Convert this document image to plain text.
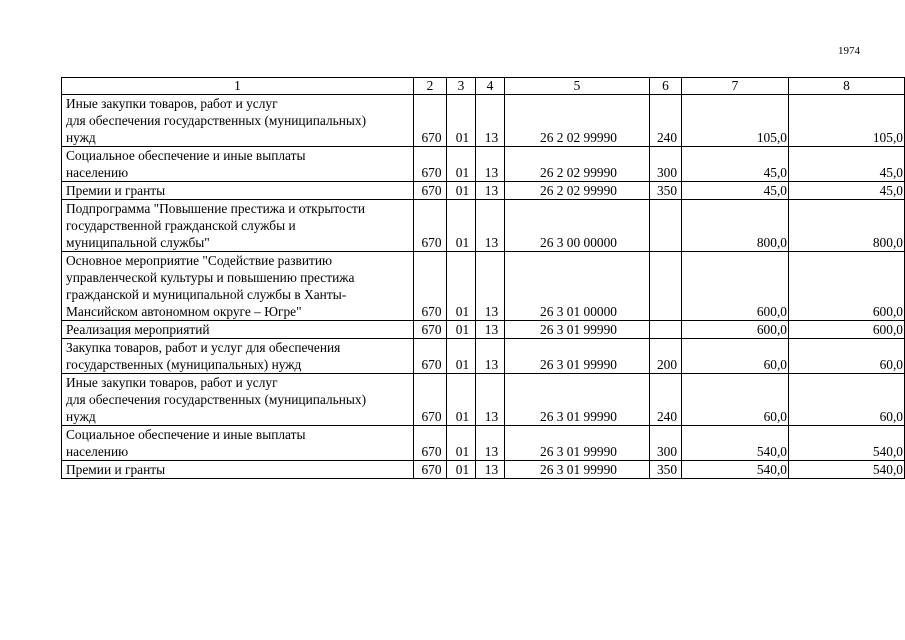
1974
1	2	3	4	5	6	7	8

Иные закупки товаров, работ и услуг
для обеспечения государственных (муниципальных)
нужд	670	01	13	26 2 02 99990	240	105,0	105,0

Социальное обеспечение и иные выплаты
населению	670	01	13	26 2 02 99990	300	45,0	45,0

Премии и гранты	670	01	13	26 2 02 99990	350	45,0	45,0

Подпрограмма "Повышение престижа и открытости
государственной гражданской службы и
муниципальной службы"	670	01	13	26 3 00 00000		800,0	800,0

Основное мероприятие "Содействие развитию
управленческой культуры и повышению престижа
гражданской и муниципальной службы в Ханты-
Мансийском автономном округе – Югре"	670	01	13	26 3 01 00000		600,0	600,0

Реализация мероприятий	670	01	13	26 3 01 99990		600,0	600,0

Закупка товаров, работ и услуг для обеспечения
государственных (муниципальных) нужд	670	01	13	26 3 01 99990	200	60,0	60,0

Иные закупки товаров, работ и услуг
для обеспечения государственных (муниципальных)
нужд	670	01	13	26 3 01 99990	240	60,0	60,0

Социальное обеспечение и иные выплаты
населению	670	01	13	26 3 01 99990	300	540,0	540,0

Премии и гранты	670	01	13	26 3 01 99990	350	540,0	540,0
